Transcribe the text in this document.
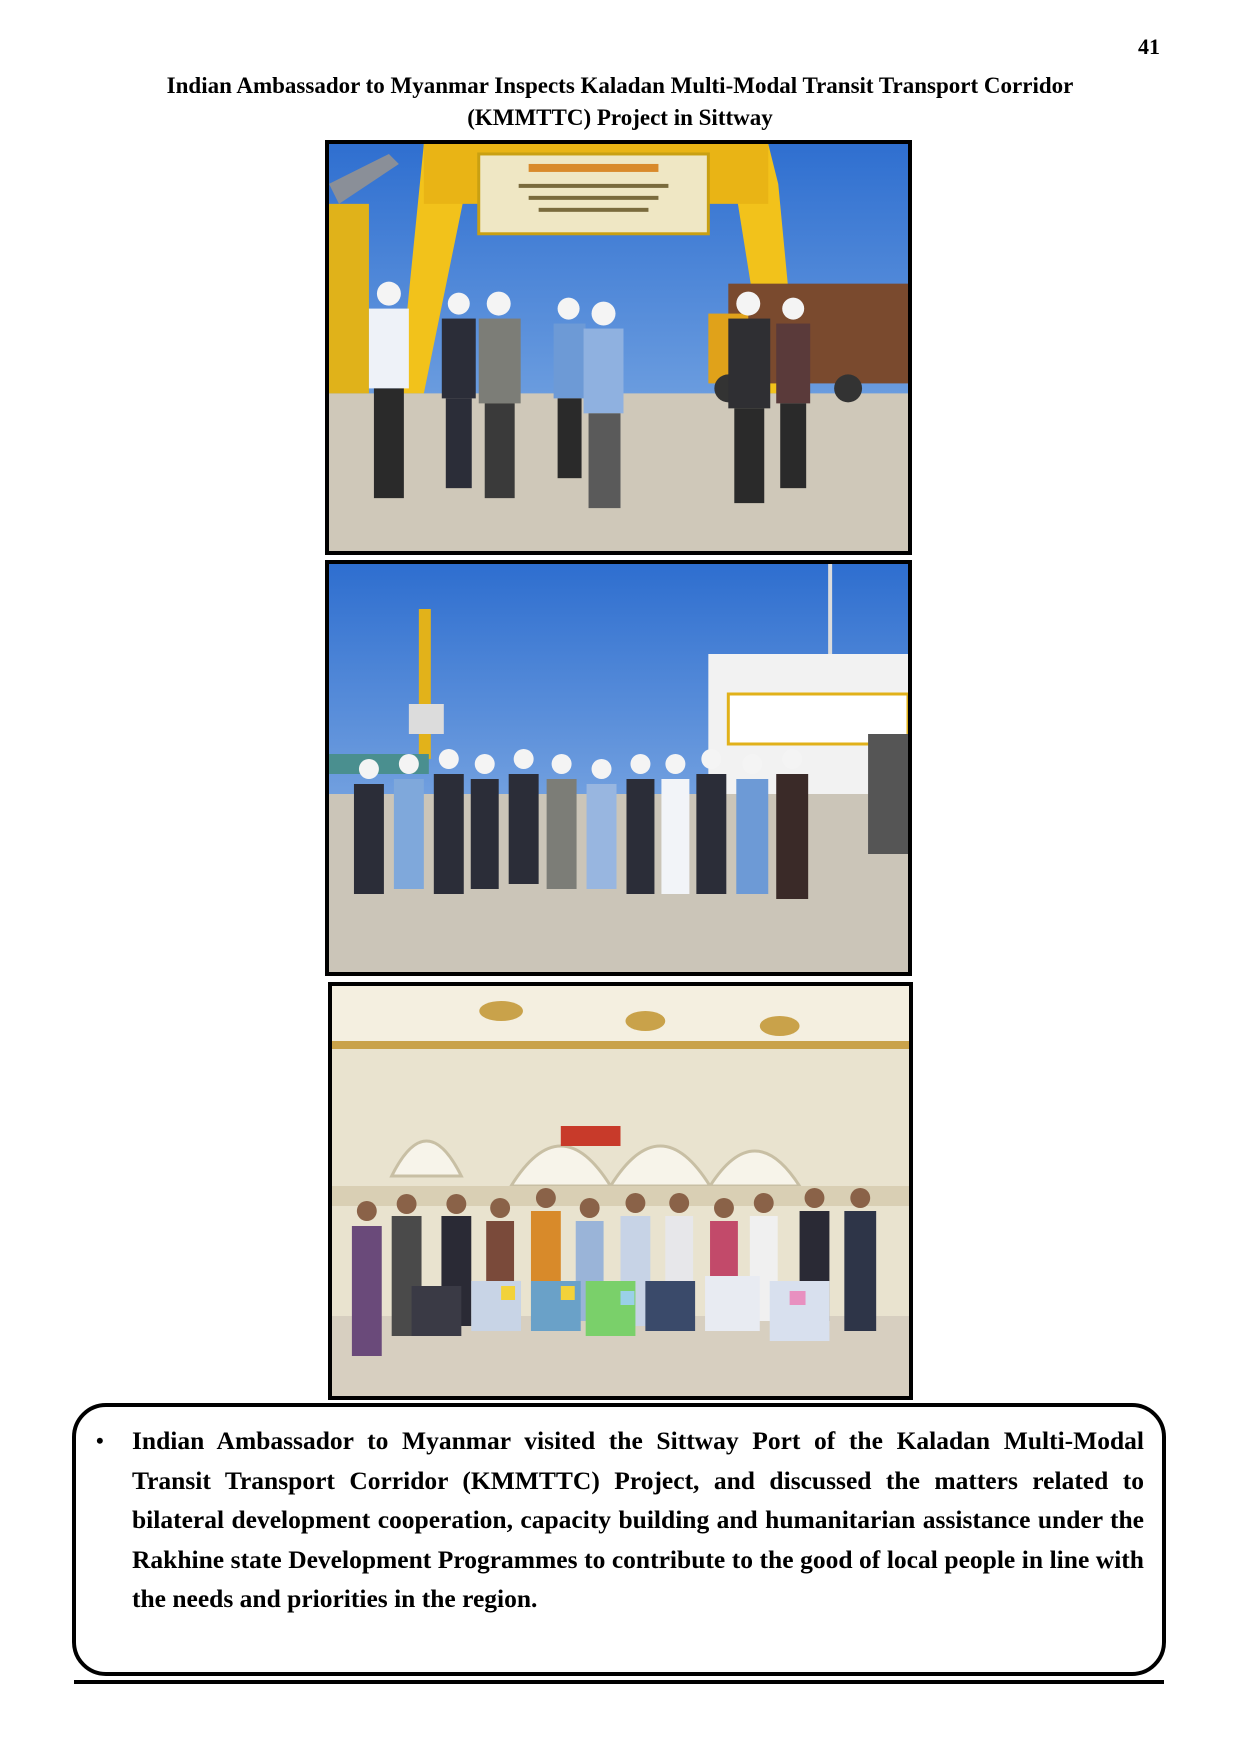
41
Indian Ambassador to Myanmar Inspects Kaladan Multi-Modal Transit Transport Corridor
(KMMTTC) Project in Sittway
• Indian Ambassador to Myanmar visited the Sittway Port of the Kaladan Multi-Modal Transit Transport Corridor (KMMTTC) Project, and discussed the matters related to bilateral development cooperation, capacity building and humanitarian assistance under the Rakhine state Development Programmes to contribute to the good of local people in line with the needs and priorities in the region.
